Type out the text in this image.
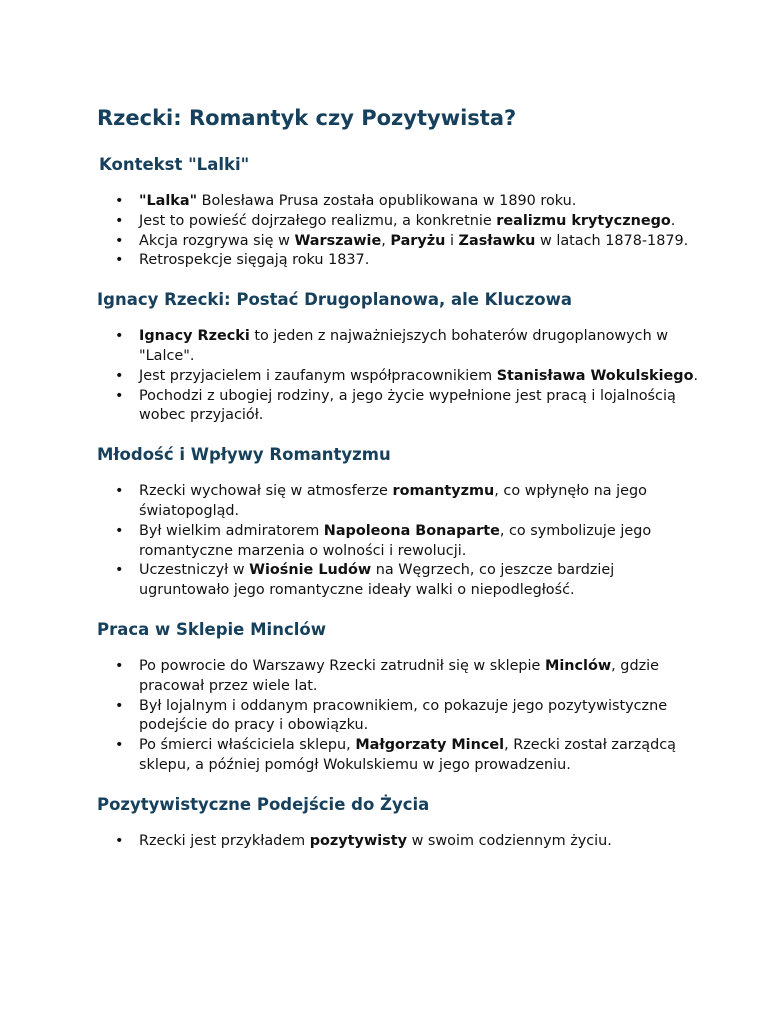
Rzecki: Romantyk czy Pozytywista?
Kontekst "Lalki"
• "Lalka" Bolesława Prusa została opublikowana w 1890 roku.
• Jest to powieść dojrzałego realizmu, a konkretnie realizmu krytycznego.
• Akcja rozgrywa się w Warszawie, Paryżu i Zasławku w latach 1878-1879.
• Retrospekcje sięgają roku 1837.
Ignacy Rzecki: Postać Drugoplanowa, ale Kluczowa
• Ignacy Rzecki to jeden z najważniejszych bohaterów drugoplanowych w "Lalce".
• Jest przyjacielem i zaufanym współpracownikiem Stanisława Wokulskiego.
• Pochodzi z ubogiej rodziny, a jego życie wypełnione jest pracą i lojalnością wobec przyjaciół.
Młodość i Wpływy Romantyzmu
• Rzecki wychował się w atmosferze romantyzmu, co wpłynęło na jego światopogląd.
• Był wielkim admiratorem Napoleona Bonaparte, co symbolizuje jego romantyczne marzenia o wolności i rewolucji.
• Uczestniczył w Wiośnie Ludów na Węgrzech, co jeszcze bardziej ugruntowało jego romantyczne ideały walki o niepodległość.
Praca w Sklepie Minclów
• Po powrocie do Warszawy Rzecki zatrudnił się w sklepie Minclów, gdzie pracował przez wiele lat.
• Był lojalnym i oddanym pracownikiem, co pokazuje jego pozytywistyczne podejście do pracy i obowiązku.
• Po śmierci właściciela sklepu, Małgorzaty Mincel, Rzecki został zarządcą sklepu, a później pomógł Wokulskiemu w jego prowadzeniu.
Pozytywistyczne Podejście do Życia
• Rzecki jest przykładem pozytywisty w swoim codziennym życiu.
